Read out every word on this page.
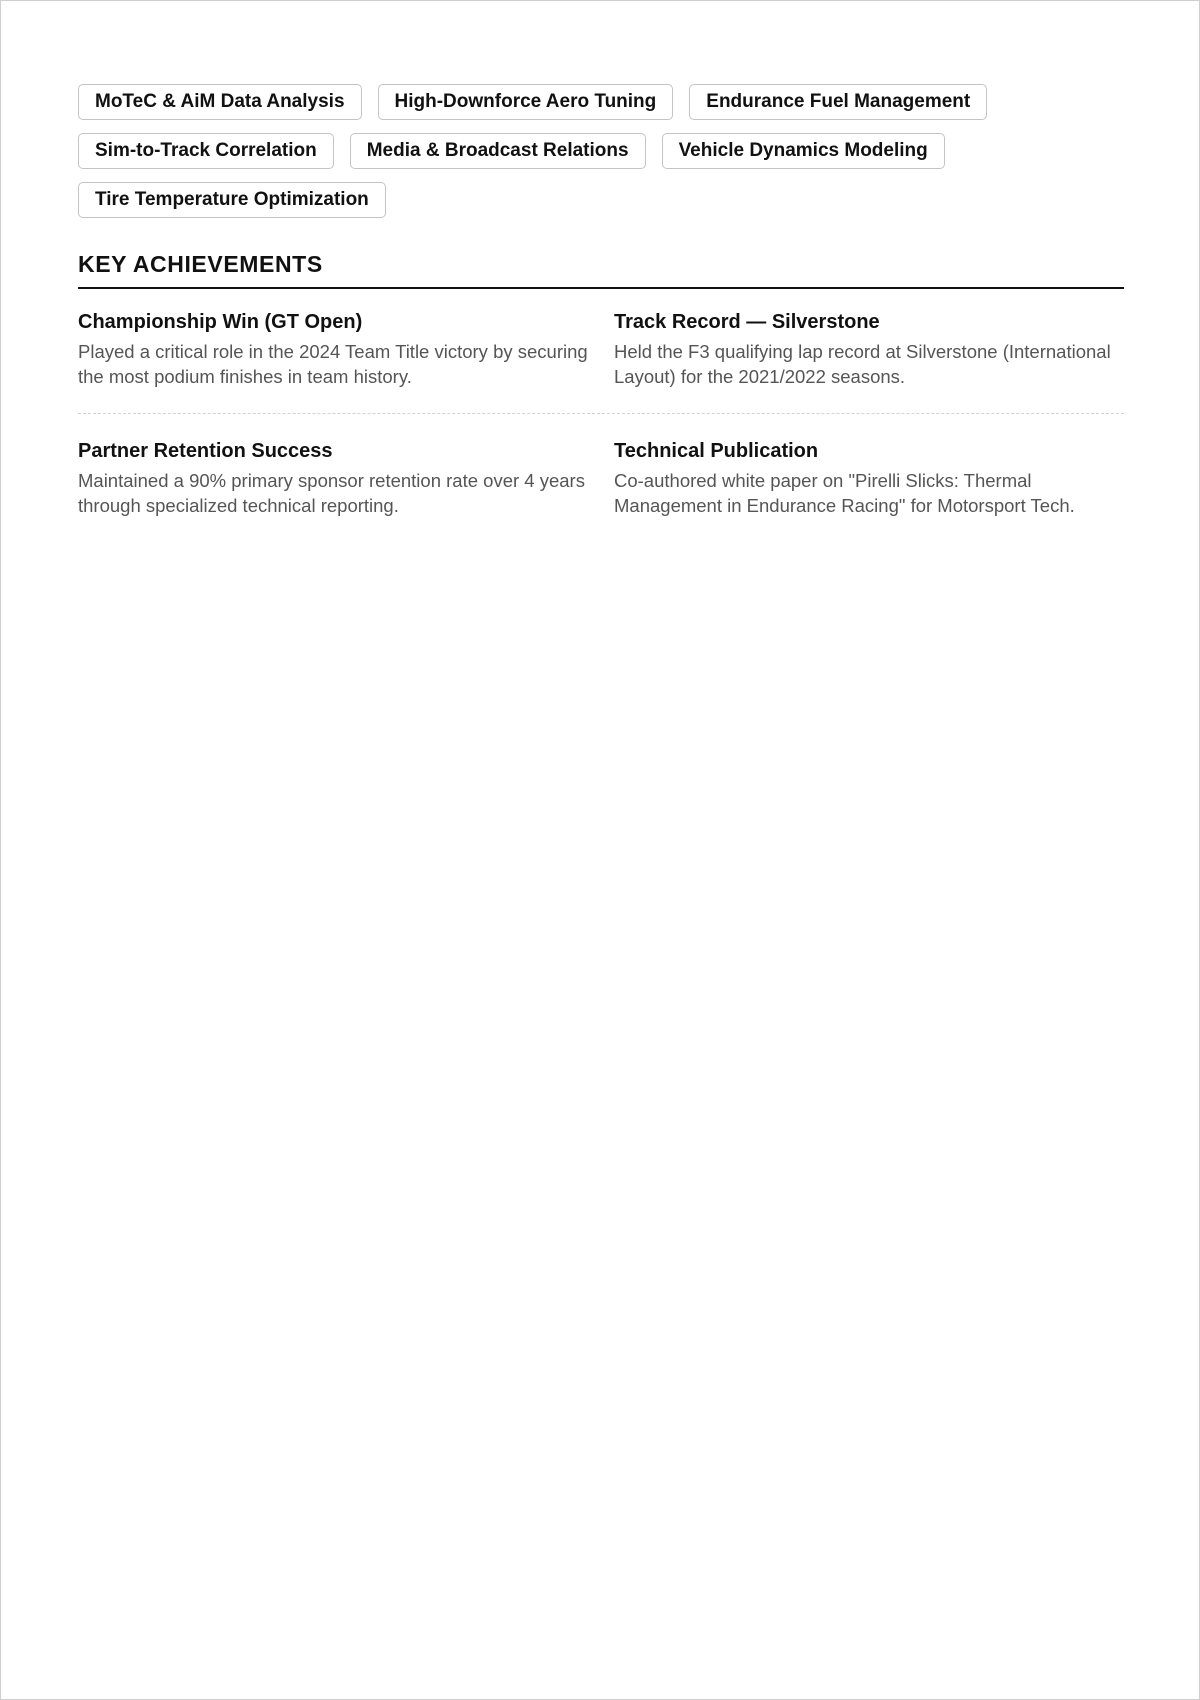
MoTeC & AiM Data Analysis	High-Downforce Aero Tuning	Endurance Fuel Management
Sim-to-Track Correlation	Media & Broadcast Relations	Vehicle Dynamics Modeling
Tire Temperature Optimization
KEY ACHIEVEMENTS
Championship Win (GT Open)
Played a critical role in the 2024 Team Title victory by securing the most podium finishes in team history.
Track Record — Silverstone
Held the F3 qualifying lap record at Silverstone (International Layout) for the 2021/2022 seasons.
Partner Retention Success
Maintained a 90% primary sponsor retention rate over 4 years through specialized technical reporting.
Technical Publication
Co-authored white paper on "Pirelli Slicks: Thermal Management in Endurance Racing" for Motorsport Tech.
